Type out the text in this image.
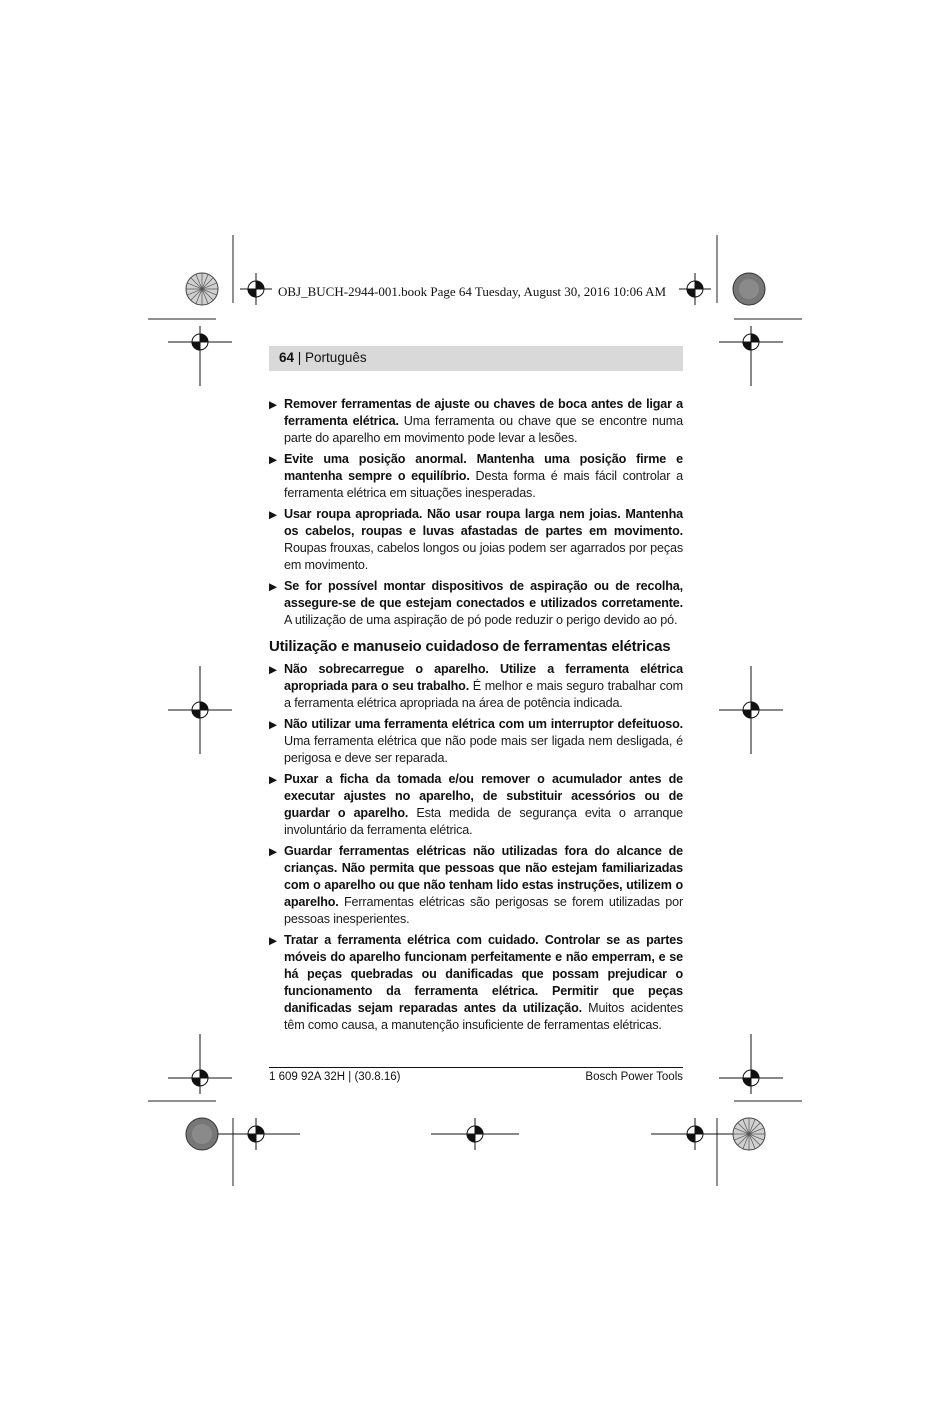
OBJ_BUCH-2944-001.book Page 64 Tuesday, August 30, 2016 10:06 AM
64 | Português
▶ Remover ferramentas de ajuste ou chaves de boca antes de ligar a ferramenta elétrica. Uma ferramenta ou chave que se encontre numa parte do aparelho em movimento pode levar a lesões.
▶ Evite uma posição anormal. Mantenha uma posição firme e mantenha sempre o equilíbrio. Desta forma é mais fácil controlar a ferramenta elétrica em situações inesperadas.
▶ Usar roupa apropriada. Não usar roupa larga nem joias. Mantenha os cabelos, roupas e luvas afastadas de partes em movimento. Roupas frouxas, cabelos longos ou joias podem ser agarrados por peças em movimento.
▶ Se for possível montar dispositivos de aspiração ou de recolha, assegure-se de que estejam conectados e utilizados corretamente. A utilização de uma aspiração de pó pode reduzir o perigo devido ao pó.
Utilização e manuseio cuidadoso de ferramentas elétricas
▶ Não sobrecarregue o aparelho. Utilize a ferramenta elétrica apropriada para o seu trabalho. É melhor e mais seguro trabalhar com a ferramenta elétrica apropriada na área de potência indicada.
▶ Não utilizar uma ferramenta elétrica com um interruptor defeituoso. Uma ferramenta elétrica que não pode mais ser ligada nem desligada, é perigosa e deve ser reparada.
▶ Puxar a ficha da tomada e/ou remover o acumulador antes de executar ajustes no aparelho, de substituir acessórios ou de guardar o aparelho. Esta medida de segurança evita o arranque involuntário da ferramenta elétrica.
▶ Guardar ferramentas elétricas não utilizadas fora do alcance de crianças. Não permita que pessoas que não estejam familiarizadas com o aparelho ou que não tenham lido estas instruções, utilizem o aparelho. Ferramentas elétricas são perigosas se forem utilizadas por pessoas inesperientes.
▶ Tratar a ferramenta elétrica com cuidado. Controlar se as partes móveis do aparelho funcionam perfeitamente e não emperram, e se há peças quebradas ou danificadas que possam prejudicar o funcionamento da ferramenta elétrica. Permitir que peças danificadas sejam reparadas antes da utilização. Muitos acidentes têm como causa, a manutenção insuficiente de ferramentas elétricas.
1 609 92A 32H | (30.8.16)	Bosch Power Tools
